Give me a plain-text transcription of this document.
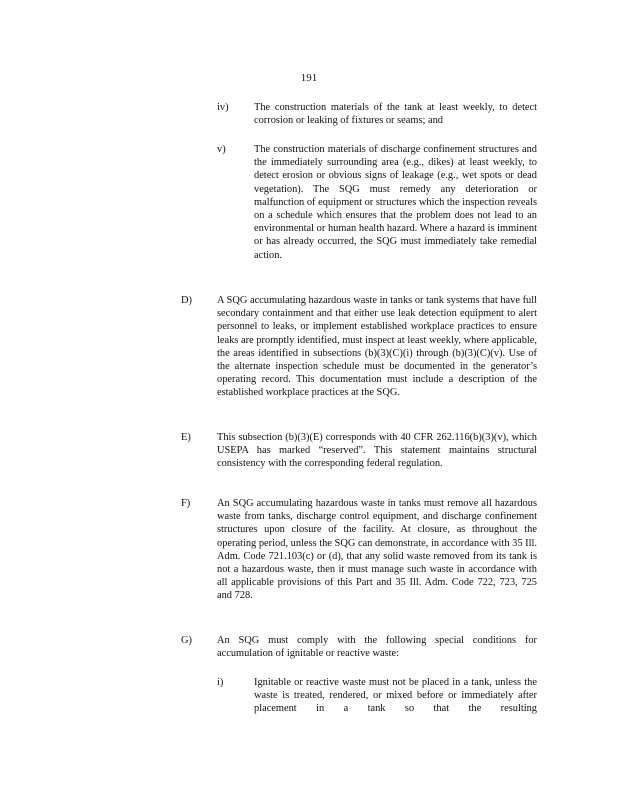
191
iv) The construction materials of the tank at least weekly, to detect corrosion or leaking of fixtures or seams; and
v)	The construction materials of discharge confinement structures and the immediately surrounding area (e.g., dikes) at least weekly, to detect erosion or obvious signs of leakage (e.g., wet spots or dead vegetation). The SQG must remedy any deterioration or malfunction of equipment or structures which the inspection reveals on a schedule which ensures that the problem does not lead to an environmental or human health hazard. Where a hazard is imminent or has already occurred, the SQG must immediately take remedial action.
D) A SQG accumulating hazardous waste in tanks or tank systems that have full secondary containment and that either use leak detection equipment to alert personnel to leaks, or implement established workplace practices to ensure leaks are promptly identified, must inspect at least weekly, where applicable, the areas identified in subsections (b)(3)(C)(i) through (b)(3)(C)(v). Use of the alternate inspection schedule must be documented in the generator’s operating record. This documentation must include a description of the established workplace practices at the SQG.
E)	This subsection (b)(3)(E) corresponds with 40 CFR 262.116(b)(3)(v), which USEPA has marked “reserved”. This statement maintains structural consistency with the corresponding federal regulation.
F)	An SQG accumulating hazardous waste in tanks must remove all hazardous waste from tanks, discharge control equipment, and discharge confinement structures upon closure of the facility. At closure, as throughout the operating period, unless the SQG can demonstrate, in accordance with 35 Ill. Adm. Code 721.103(c) or (d), that any solid waste removed from its tank is not a hazardous waste, then it must manage such waste in accordance with all applicable provisions of this Part and 35 Ill. Adm. Code 722, 723, 725 and 728.
G) An SQG must comply with the following special conditions for accumulation of ignitable or reactive waste:
i)	Ignitable or reactive waste must not be placed in a tank, unless the waste is treated, rendered, or mixed before or immediately after placement in a tank so that the resulting
